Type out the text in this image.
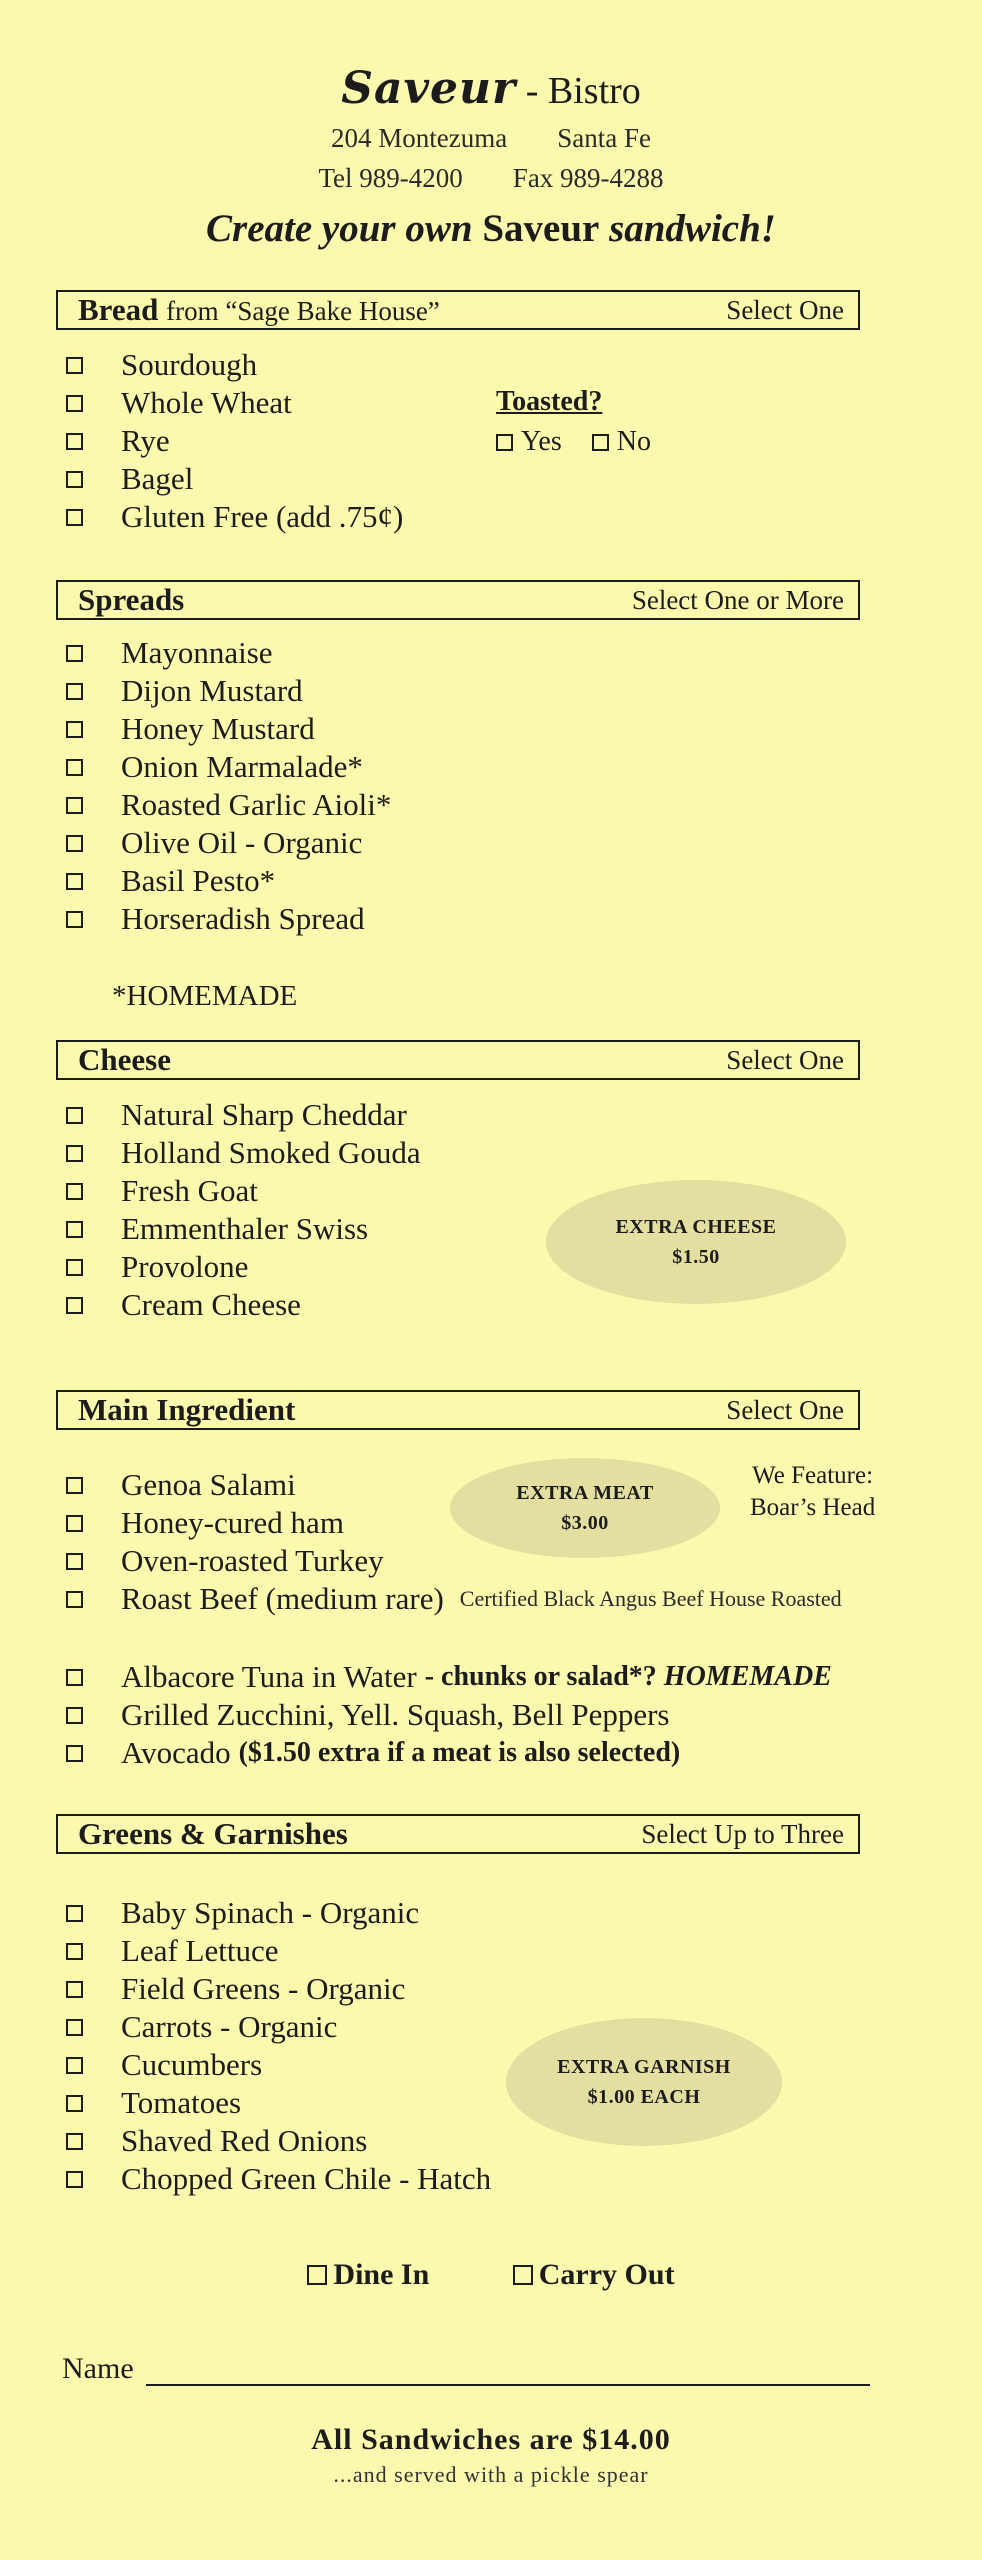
Saveur - Bistro
204 Montezuma Santa Fe
Tel 989-4200 Fax 989-4288
Create your own Saveur sandwich!
Bread from “Sage Bake House”	Select One
Sourdough
Whole Wheat
Rye
Bagel
Gluten Free (add .75¢)
Toasted?
Yes No
Spreads	Select One or More
Mayonnaise
Dijon Mustard
Honey Mustard
Onion Marmalade*
Roasted Garlic Aioli*
Olive Oil - Organic
Basil Pesto*
Horseradish Spread
*HOMEMADE
Cheese	Select One
Natural Sharp Cheddar
Holland Smoked Gouda
Fresh Goat
Emmenthaler Swiss
Provolone
Cream Cheese
EXTRA CHEESE
$1.50
Main Ingredient	Select One
Genoa Salami
Honey-cured ham
Oven-roasted Turkey
Roast Beef (medium rare) Certified Black Angus Beef House Roasted
Albacore Tuna in Water - chunks or salad*? HOMEMADE
Grilled Zucchini, Yell. Squash, Bell Peppers
Avocado ($1.50 extra if a meat is also selected)
EXTRA MEAT
$3.00
We Feature:
Boar’s Head
Greens & Garnishes	Select Up to Three
Baby Spinach - Organic
Leaf Lettuce
Field Greens - Organic
Carrots - Organic
Cucumbers
Tomatoes
Shaved Red Onions
Chopped Green Chile - Hatch
EXTRA GARNISH
$1.00 EACH
Dine In
	Carry Out
Name
All Sandwiches are $14.00
...and served with a pickle spear
